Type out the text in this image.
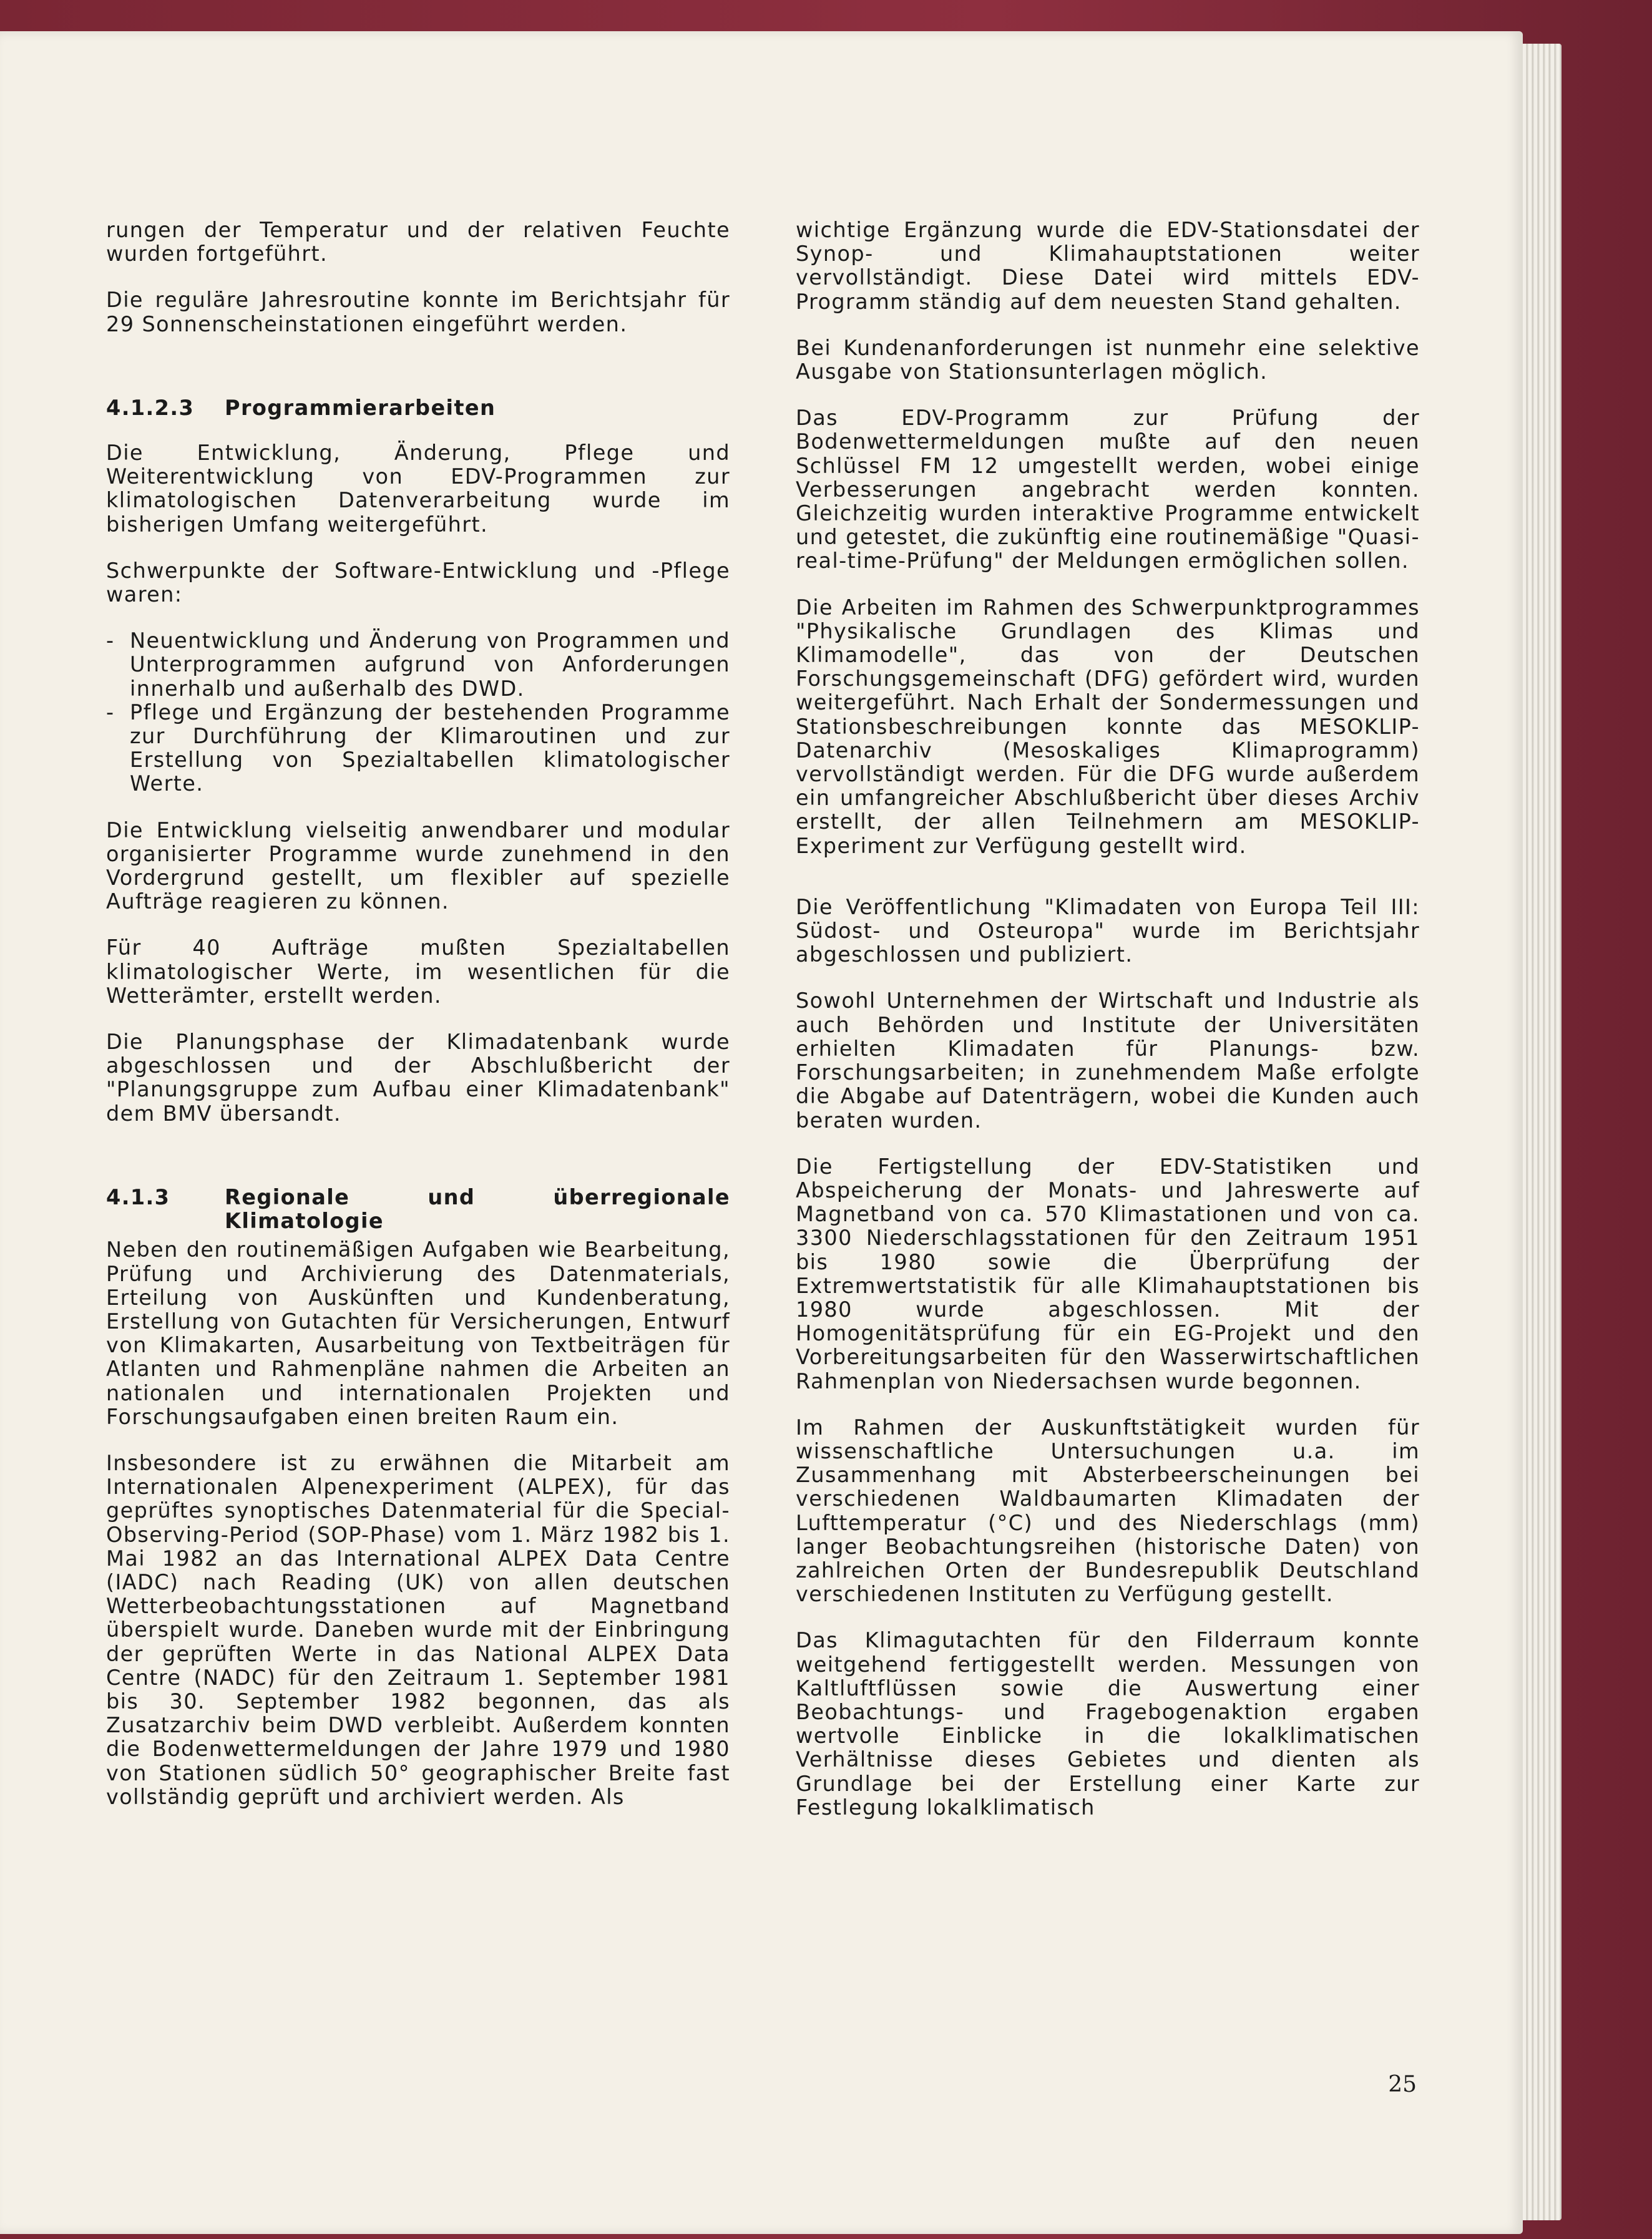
rungen der Temperatur und der relativen Feuchte wurden fortgeführt.

Die reguläre Jahresroutine konnte im Berichtsjahr für 29 Sonnenscheinstationen eingeführt werden.

4.1.2.3 Programmierarbeiten

Die Entwicklung, Änderung, Pflege und Weiterentwicklung von EDV-Programmen zur klimatologischen Datenverarbeitung wurde im bisherigen Umfang weitergeführt.

Schwerpunkte der Software-Entwicklung und -Pflege waren:

- Neuentwicklung und Änderung von Programmen und Unterprogrammen aufgrund von Anforderungen innerhalb und außerhalb des DWD.
- Pflege und Ergänzung der bestehenden Programme zur Durchführung der Klimaroutinen und zur Erstellung von Spezialtabellen klimatologischer Werte.

Die Entwicklung vielseitig anwendbarer und modular organisierter Programme wurde zunehmend in den Vordergrund gestellt, um flexibler auf spezielle Aufträge reagieren zu können.

Für 40 Aufträge mußten Spezialtabellen klimatologischer Werte, im wesentlichen für die Wetterämter, erstellt werden.

Die Planungsphase der Klimadatenbank wurde abgeschlossen und der Abschlußbericht der "Planungsgruppe zum Aufbau einer Klimadatenbank" dem BMV übersandt.

4.1.3	Regionale und überregionale Klimatologie

Neben den routinemäßigen Aufgaben wie Bearbeitung, Prüfung und Archivierung des Datenmaterials, Erteilung von Auskünften und Kundenberatung, Erstellung von Gutachten für Versicherungen, Entwurf von Klimakarten, Ausarbeitung von Textbeiträgen für Atlanten und Rahmenpläne nahmen die Arbeiten an nationalen und internationalen Projekten und Forschungsaufgaben einen breiten Raum ein.

Insbesondere ist zu erwähnen die Mitarbeit am Internationalen Alpenexperiment (ALPEX), für das geprüftes synoptisches Datenmaterial für die Special-Observing-Period (SOP-Phase) vom 1. März 1982 bis 1. Mai 1982 an das International ALPEX Data Centre (IADC) nach Reading (UK) von allen deutschen Wetterbeobachtungsstationen auf Magnetband überspielt wurde. Daneben wurde mit der Einbringung der geprüften Werte in das National ALPEX Data Centre (NADC) für den Zeitraum 1. September 1981 bis 30. September 1982 begonnen, das als Zusatzarchiv beim DWD verbleibt. Außerdem konnten die Bodenwettermeldungen der Jahre 1979 und 1980 von Stationen südlich 50° geographischer Breite fast vollständig geprüft und archiviert werden. Als

wichtige Ergänzung wurde die EDV-Stationsdatei der Synop- und Klimahauptstationen weiter vervollständigt. Diese Datei wird mittels EDV-Programm ständig auf dem neuesten Stand gehalten.

Bei Kundenanforderungen ist nunmehr eine selektive Ausgabe von Stationsunterlagen möglich.

Das EDV-Programm zur Prüfung der Bodenwettermeldungen mußte auf den neuen Schlüssel FM 12 umgestellt werden, wobei einige Verbesserungen angebracht werden konnten. Gleichzeitig wurden interaktive Programme entwickelt und getestet, die zukünftig eine routinemäßige "Quasi-real-time-Prüfung" der Meldungen ermöglichen sollen.

Die Arbeiten im Rahmen des Schwerpunktprogrammes "Physikalische Grundlagen des Klimas und Klimamodelle", das von der Deutschen Forschungsgemeinschaft (DFG) gefördert wird, wurden weitergeführt. Nach Erhalt der Sondermessungen und Stationsbeschreibungen konnte das MESOKLIP-Datenarchiv (Mesoskaliges Klimaprogramm) vervollständigt werden. Für die DFG wurde außerdem ein umfangreicher Abschlußbericht über dieses Archiv erstellt, der allen Teilnehmern am MESOKLIP-Experiment zur Verfügung gestellt wird.

Die Veröffentlichung "Klimadaten von Europa Teil III: Südost- und Osteuropa" wurde im Berichtsjahr abgeschlossen und publiziert.

Sowohl Unternehmen der Wirtschaft und Industrie als auch Behörden und Institute der Universitäten erhielten Klimadaten für Planungs- bzw. Forschungsarbeiten; in zunehmendem Maße erfolgte die Abgabe auf Datenträgern, wobei die Kunden auch beraten wurden.

Die Fertigstellung der EDV-Statistiken und Abspeicherung der Monats- und Jahreswerte auf Magnetband von ca. 570 Klimastationen und von ca. 3300 Niederschlagsstationen für den Zeitraum 1951 bis 1980 sowie die Überprüfung der Extremwertstatistik für alle Klimahauptstationen bis 1980 wurde abgeschlossen. Mit der Homogenitätsprüfung für ein EG-Projekt und den Vorbereitungsarbeiten für den Wasserwirtschaftlichen Rahmenplan von Niedersachsen wurde begonnen.

Im Rahmen der Auskunftstätigkeit wurden für wissenschaftliche Untersuchungen u.a. im Zusammenhang mit Absterbeerscheinungen bei verschiedenen Waldbaumarten Klimadaten der Lufttemperatur (°C) und des Niederschlags (mm) langer Beobachtungsreihen (historische Daten) von zahlreichen Orten der Bundesrepublik Deutschland verschiedenen Instituten zu Verfügung gestellt.

Das Klimagutachten für den Filderraum konnte weitgehend fertiggestellt werden. Messungen von Kaltluftflüssen sowie die Auswertung einer Beobachtungs- und Fragebogenaktion ergaben wertvolle Einblicke in die lokalklimatischen Verhältnisse dieses Gebietes und dienten als Grundlage bei der Erstellung einer Karte zur Festlegung lokalklimatisch

25
